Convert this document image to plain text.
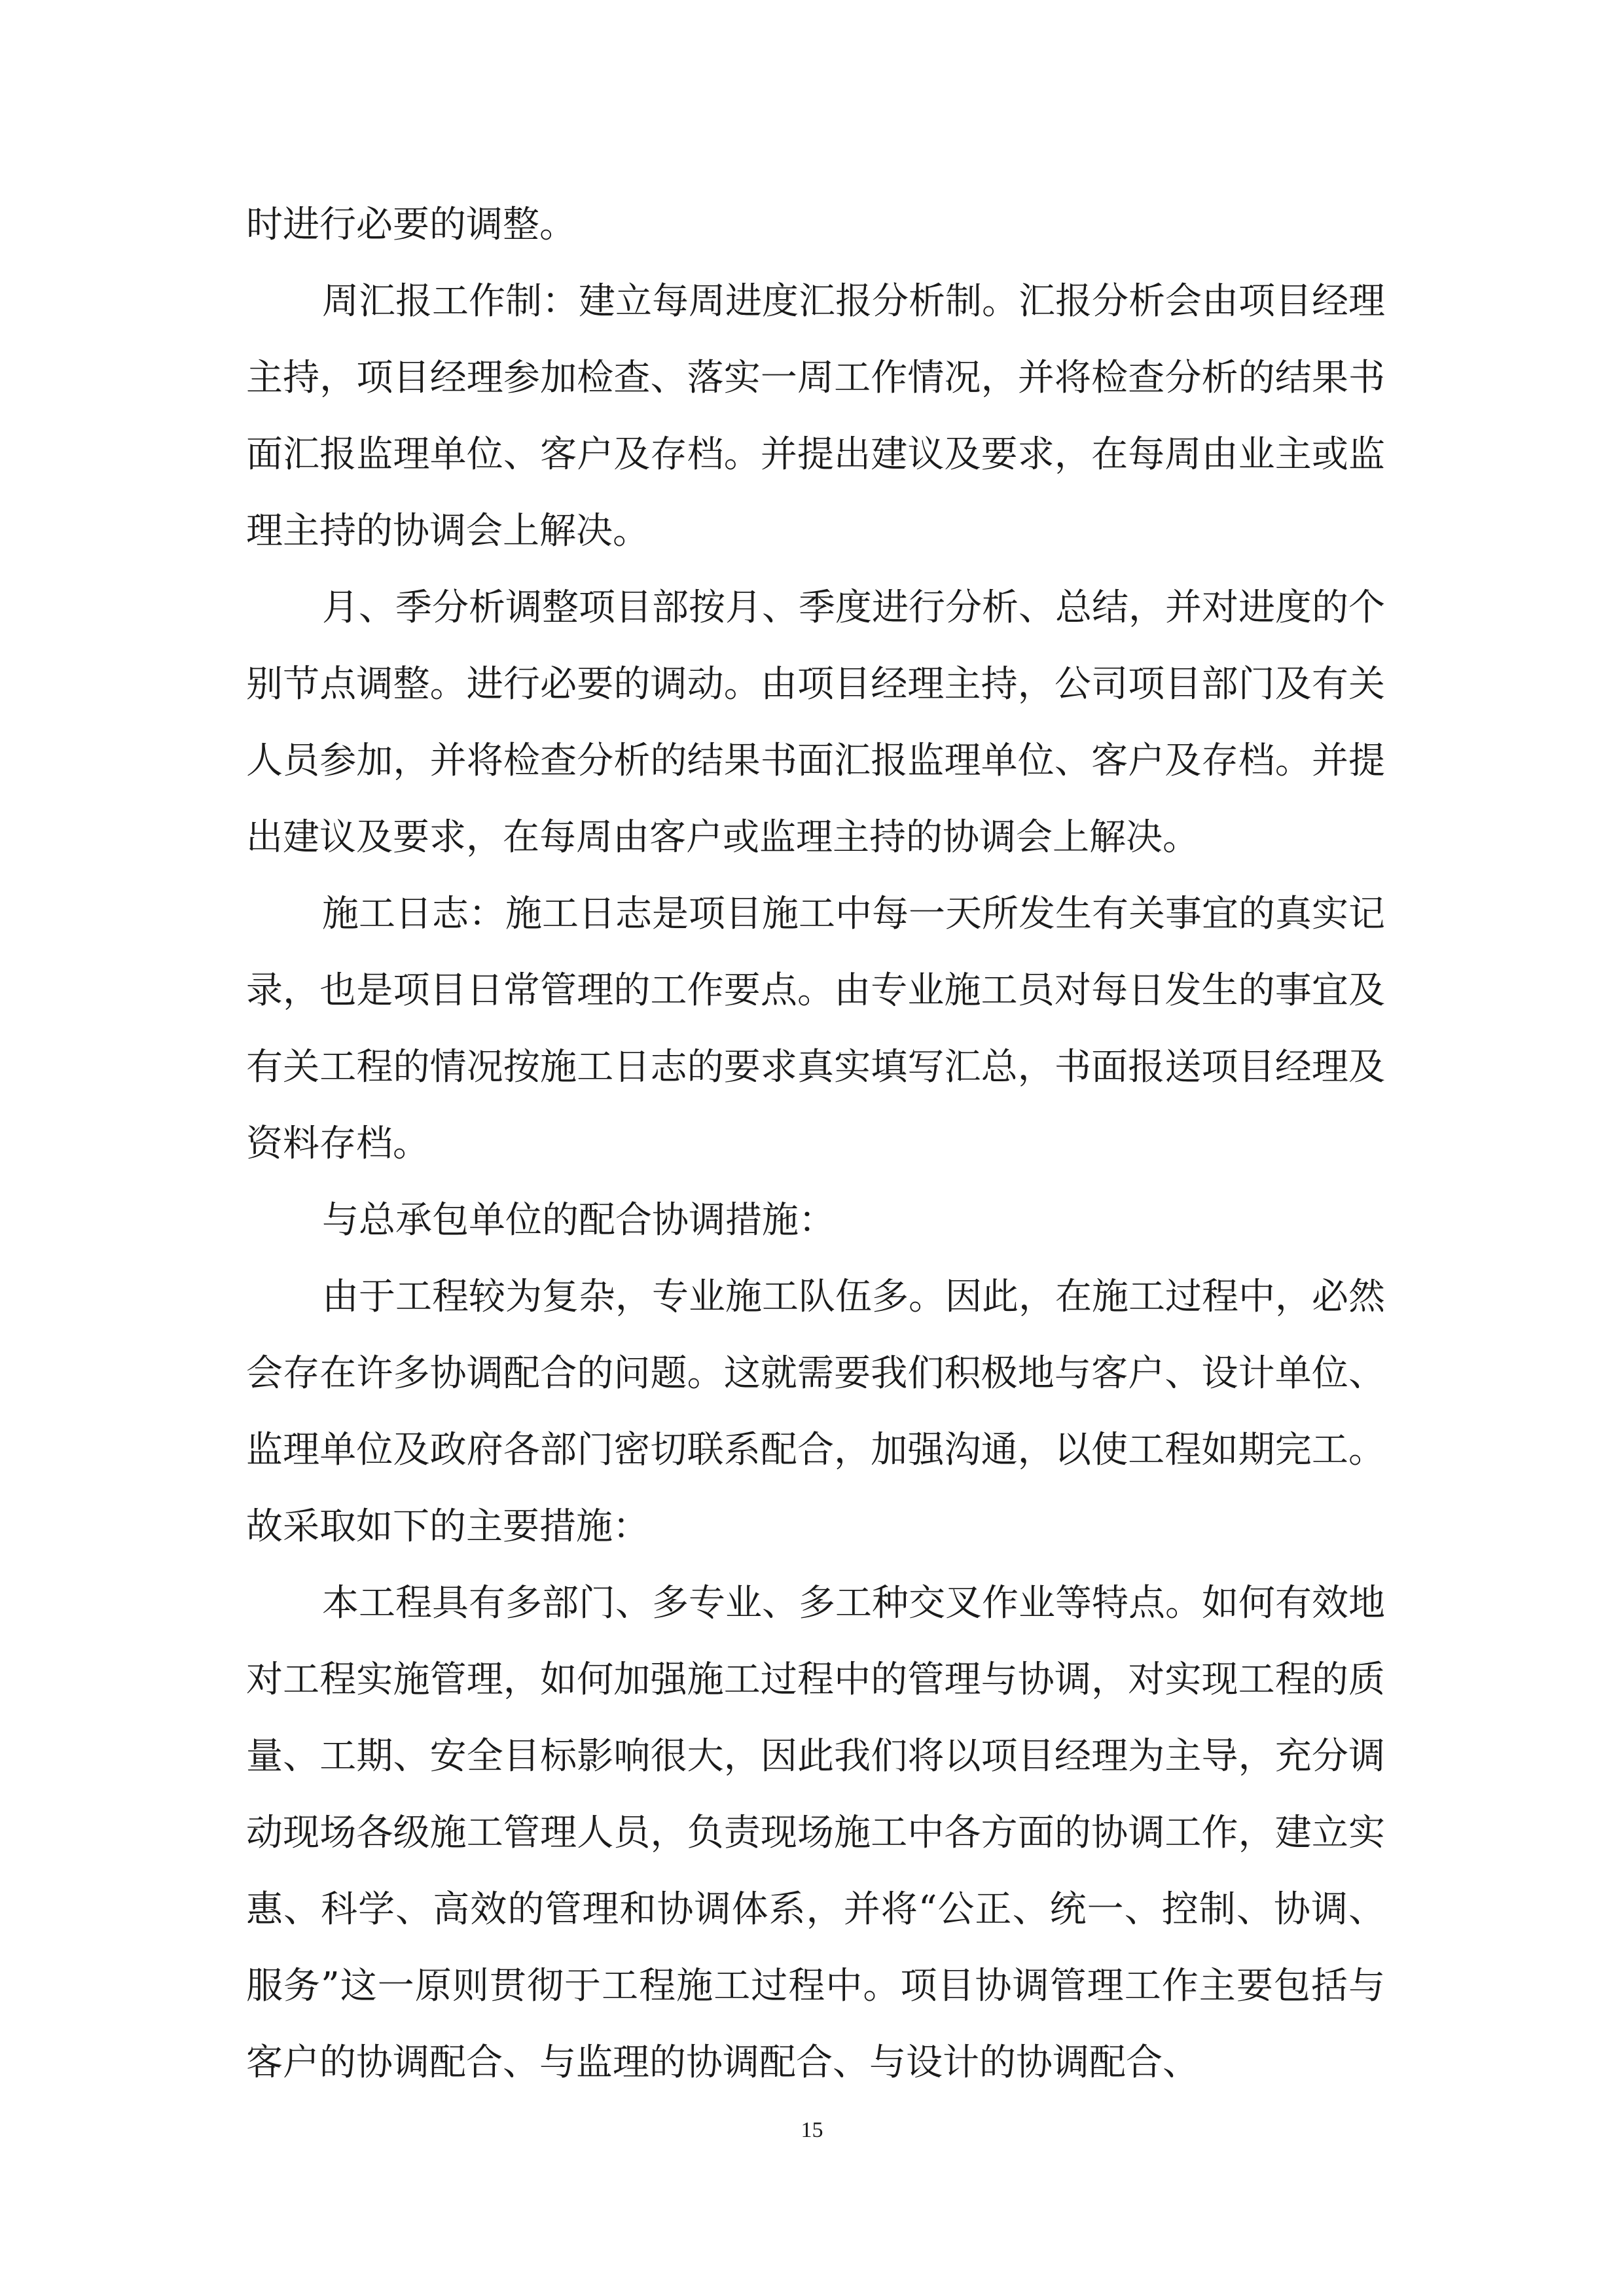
时进行必要的调整。

周汇报工作制：建立每周进度汇报分析制。汇报分析会由项目经理主持，项目经理参加检查、落实一周工作情况，并将检查分析的结果书面汇报监理单位、客户及存档。并提出建议及要求，在每周由业主或监理主持的协调会上解决。

月、季分析调整项目部按月、季度进行分析、总结，并对进度的个别节点调整。进行必要的调动。由项目经理主持，公司项目部门及有关人员参加，并将检查分析的结果书面汇报监理单位、客户及存档。并提出建议及要求，在每周由客户或监理主持的协调会上解决。

施工日志：施工日志是项目施工中每一天所发生有关事宜的真实记录，也是项目日常管理的工作要点。由专业施工员对每日发生的事宜及有关工程的情况按施工日志的要求真实填写汇总，书面报送项目经理及资料存档。

与总承包单位的配合协调措施：

由于工程较为复杂，专业施工队伍多。因此，在施工过程中，必然会存在许多协调配合的问题。这就需要我们积极地与客户、设计单位、监理单位及政府各部门密切联系配合，加强沟通，以使工程如期完工。故采取如下的主要措施：

本工程具有多部门、多专业、多工种交叉作业等特点。如何有效地对工程实施管理，如何加强施工过程中的管理与协调，对实现工程的质量、工期、安全目标影响很大，因此我们将以项目经理为主导，充分调动现场各级施工管理人员，负责现场施工中各方面的协调工作，建立实惠、科学、高效的管理和协调体系，并将“公正、统一、控制、协调、服务”这一原则贯彻于工程施工过程中。项目协调管理工作主要包括与客户的协调配合、与监理的协调配合、与设计的协调配合、

15
